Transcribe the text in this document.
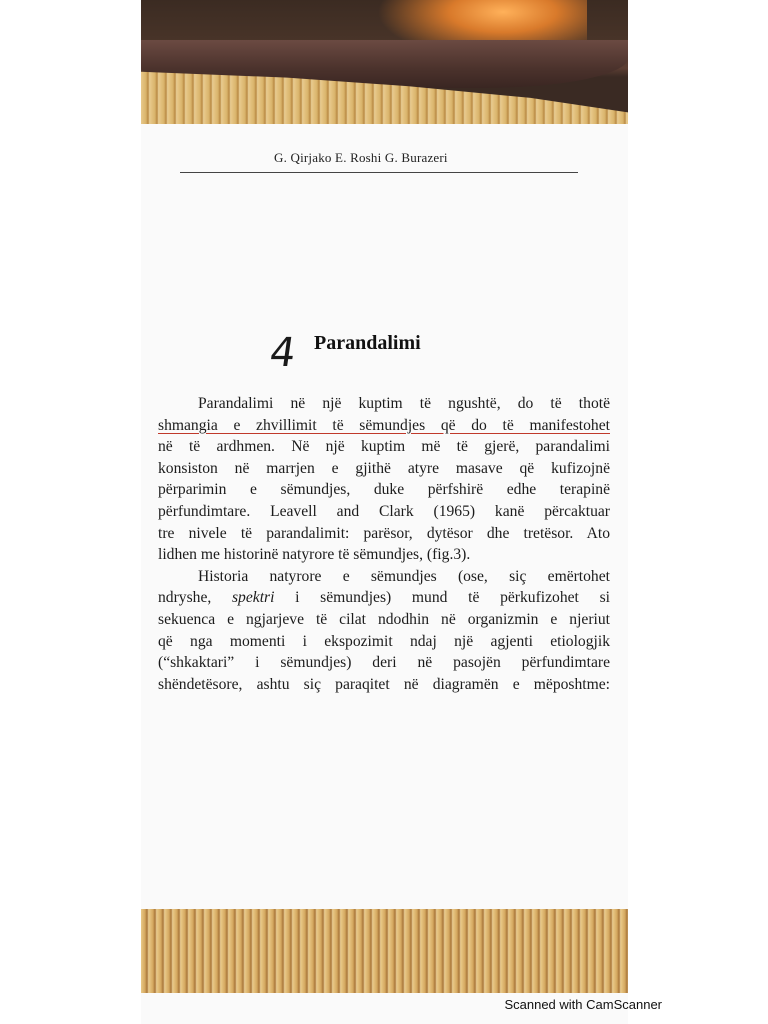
G. Qirjako E. Roshi G. Burazeri
4 Parandalimi
Parandalimi në një kuptim të ngushtë, do të thotë
shmangia e zhvillimit të sëmundjes që do të manifestohet
në të ardhmen. Në një kuptim më të gjerë, parandalimi
konsiston në marrjen e gjithë atyre masave që kufizojnë
përparimin e sëmundjes, duke përfshirë edhe terapinë
përfundimtare. Leavell and Clark (1965) kanë përcaktuar
tre nivele të parandalimit: parësor, dytësor dhe tretësor. Ato
lidhen me historinë natyrore të sëmundjes, (fig.3).
Historia natyrore e sëmundjes (ose, siç emërtohet
ndryshe, spektri i sëmundjes) mund të përkufizohet si
sekuenca e ngjarjeve të cilat ndodhin në organizmin e njeriut
që nga momenti i ekspozimit ndaj një agjenti etiologjik
(“shkaktari” i sëmundjes) deri në pasojën përfundimtare
shëndetësore, ashtu siç paraqitet në diagramën e mëposhtme:
Scanned with CamScanner
